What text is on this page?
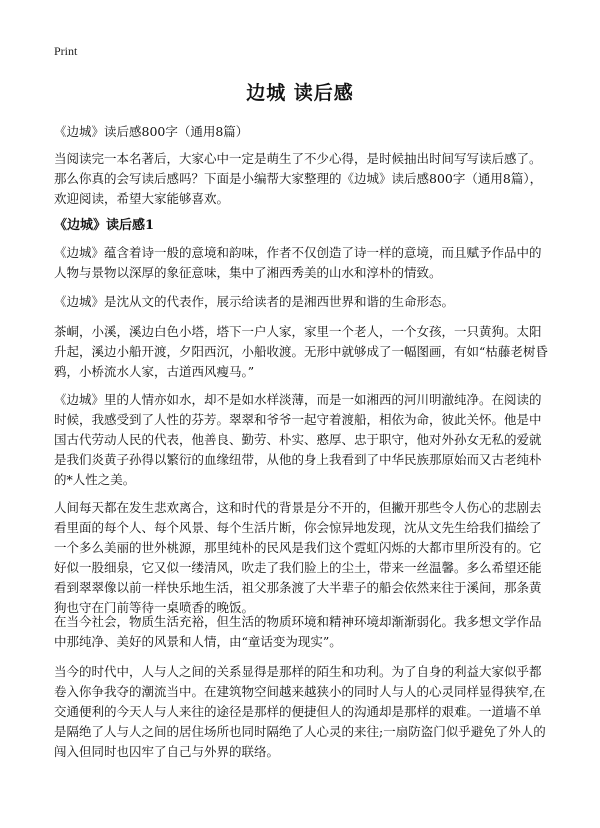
Print
边城 读后感
《边城》读后感800字（通用8篇）
当阅读完一本名著后，大家心中一定是萌生了不少心得，是时候抽出时间写写读后感了。那么你真的会写读后感吗？下面是小编帮大家整理的《边城》读后感800字（通用8篇），欢迎阅读，希望大家能够喜欢。
《边城》读后感1
《边城》蕴含着诗一般的意境和韵味，作者不仅创造了诗一样的意境，而且赋予作品中的人物与景物以深厚的象征意味，集中了湘西秀美的山水和淳朴的情致。
《边城》是沈从文的代表作，展示给读者的是湘西世界和谐的生命形态。
茶峒，小溪，溪边白色小塔，塔下一户人家，家里一个老人，一个女孩，一只黄狗。太阳升起，溪边小船开渡，夕阳西沉，小船收渡。无形中就够成了一幅图画，有如“枯藤老树昏鸦，小桥流水人家，古道西风瘦马。”
《边城》里的人情亦如水，却不是如水样淡薄，而是一如湘西的河川明澈纯净。在阅读的时候，我感受到了人性的芬芳。翠翠和爷爷一起守着渡船，相依为命，彼此关怀。他是中国古代劳动人民的代表，他善良、勤劳、朴实、憨厚、忠于职守，他对外孙女无私的爱就是我们炎黄子孙得以繁衍的血缘纽带，从他的身上我看到了中华民族那原始而又古老纯朴的*人性之美。
人间每天都在发生悲欢离合，这和时代的背景是分不开的，但撇开那些令人伤心的悲剧去看里面的每个人、每个风景、每个生活片断，你会惊异地发现，沈从文先生给我们描绘了一个多么美丽的世外桃源，那里纯朴的民风是我们这个霓虹闪烁的大都市里所没有的。它好似一股细泉，它又似一缕清风，吹走了我们脸上的尘土，带来一丝温馨。多么希望还能看到翠翠像以前一样快乐地生活，祖父那条渡了大半辈子的船会依然来往于溪间，那条黄狗也守在门前等待一桌喷香的晚饭。
在当今社会，物质生活充裕，但生活的物质环境和精神环境却渐渐弱化。我多想文学作品中那纯净、美好的风景和人情，由“童话变为现实”。
当今的时代中，人与人之间的关系显得是那样的陌生和功利。为了自身的利益大家似乎都卷入你争我夺的潮流当中。在建筑物空间越来越狭小的同时人与人的心灵同样显得狭窄,在交通便利的今天人与人来往的途径是那样的便捷但人的沟通却是那样的艰难。一道墙不单是隔绝了人与人之间的居住场所也同时隔绝了人心灵的来往;一扇防盗门似乎避免了外人的闯入但同时也囚牢了自己与外界的联络。
